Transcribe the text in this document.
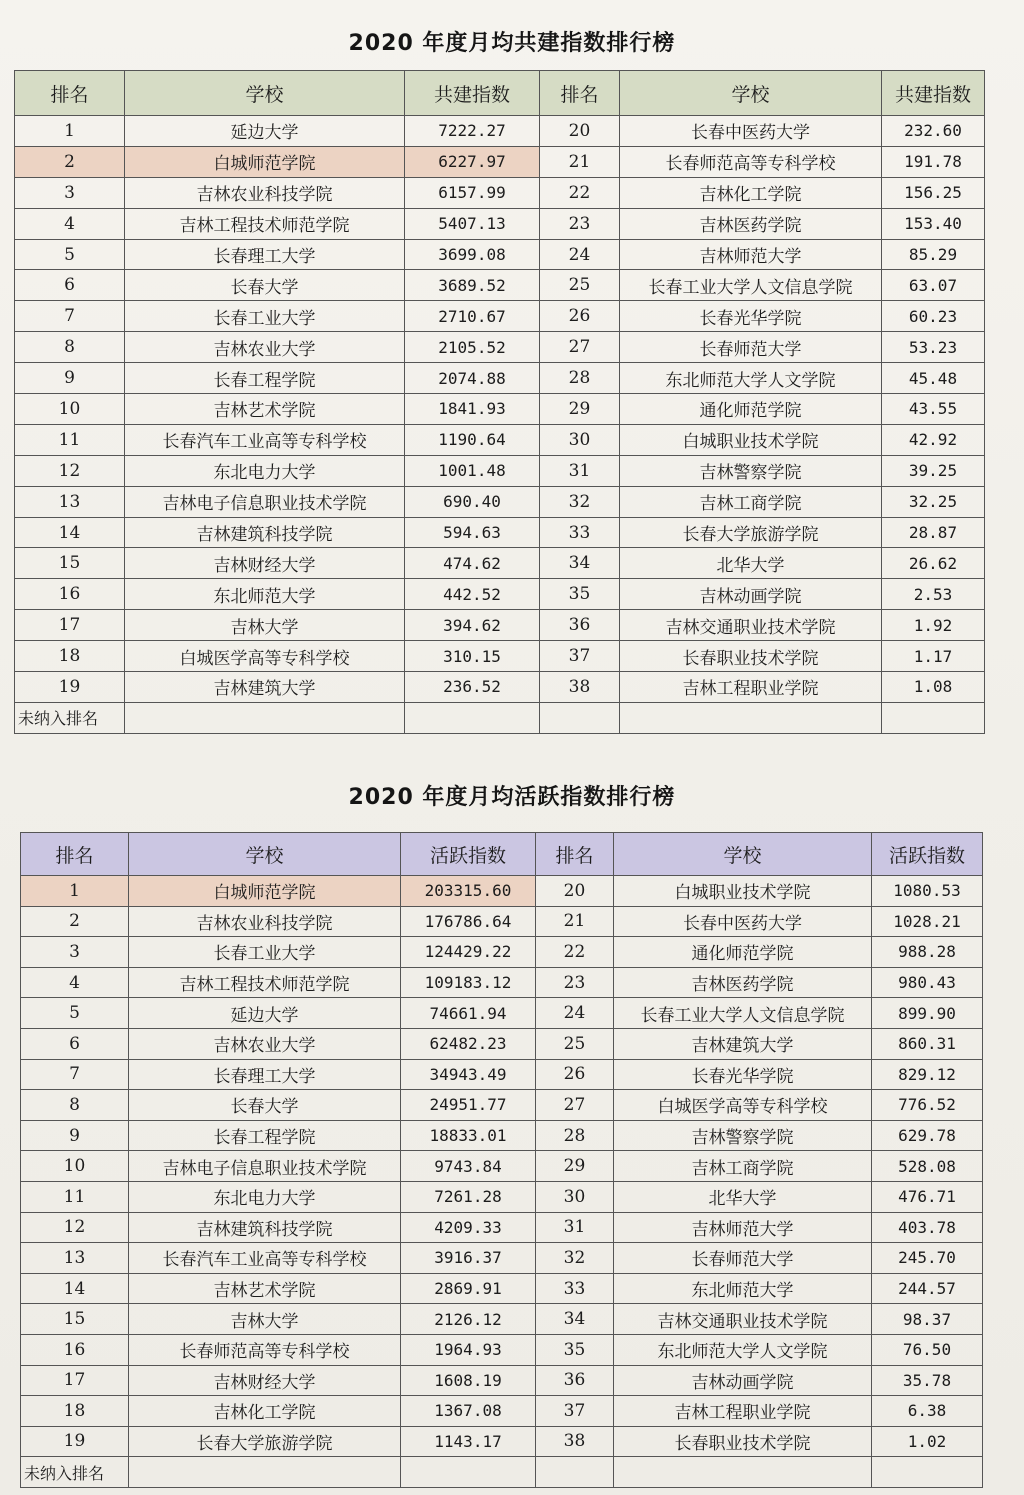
2020 年度月均共建指数排行榜
排名	学校	共建指数	排名	学校	共建指数
1	延边大学	7222.27	20	长春中医药大学	232.60
2	白城师范学院	6227.97	21	长春师范高等专科学校	191.78
3	吉林农业科技学院	6157.99	22	吉林化工学院	156.25
4	吉林工程技术师范学院	5407.13	23	吉林医药学院	153.40
5	长春理工大学	3699.08	24	吉林师范大学	85.29
6	长春大学	3689.52	25	长春工业大学人文信息学院	63.07
7	长春工业大学	2710.67	26	长春光华学院	60.23
8	吉林农业大学	2105.52	27	长春师范大学	53.23
9	长春工程学院	2074.88	28	东北师范大学人文学院	45.48
10	吉林艺术学院	1841.93	29	通化师范学院	43.55
11	长春汽车工业高等专科学校	1190.64	30	白城职业技术学院	42.92
12	东北电力大学	1001.48	31	吉林警察学院	39.25
13	吉林电子信息职业技术学院	690.40	32	吉林工商学院	32.25
14	吉林建筑科技学院	594.63	33	长春大学旅游学院	28.87
15	吉林财经大学	474.62	34	北华大学	26.62
16	东北师范大学	442.52	35	吉林动画学院	2.53
17	吉林大学	394.62	36	吉林交通职业技术学院	1.92
18	白城医学高等专科学校	310.15	37	长春职业技术学院	1.17
19	吉林建筑大学	236.52	38	吉林工程职业学院	1.08
未纳入排名					
2020 年度月均活跃指数排行榜
排名	学校	活跃指数	排名	学校	活跃指数
1	白城师范学院	203315.60	20	白城职业技术学院	1080.53
2	吉林农业科技学院	176786.64	21	长春中医药大学	1028.21
3	长春工业大学	124429.22	22	通化师范学院	988.28
4	吉林工程技术师范学院	109183.12	23	吉林医药学院	980.43
5	延边大学	74661.94	24	长春工业大学人文信息学院	899.90
6	吉林农业大学	62482.23	25	吉林建筑大学	860.31
7	长春理工大学	34943.49	26	长春光华学院	829.12
8	长春大学	24951.77	27	白城医学高等专科学校	776.52
9	长春工程学院	18833.01	28	吉林警察学院	629.78
10	吉林电子信息职业技术学院	9743.84	29	吉林工商学院	528.08
11	东北电力大学	7261.28	30	北华大学	476.71
12	吉林建筑科技学院	4209.33	31	吉林师范大学	403.78
13	长春汽车工业高等专科学校	3916.37	32	长春师范大学	245.70
14	吉林艺术学院	2869.91	33	东北师范大学	244.57
15	吉林大学	2126.12	34	吉林交通职业技术学院	98.37
16	长春师范高等专科学校	1964.93	35	东北师范大学人文学院	76.50
17	吉林财经大学	1608.19	36	吉林动画学院	35.78
18	吉林化工学院	1367.08	37	吉林工程职业学院	6.38
19	长春大学旅游学院	1143.17	38	长春职业技术学院	1.02
未纳入排名					
